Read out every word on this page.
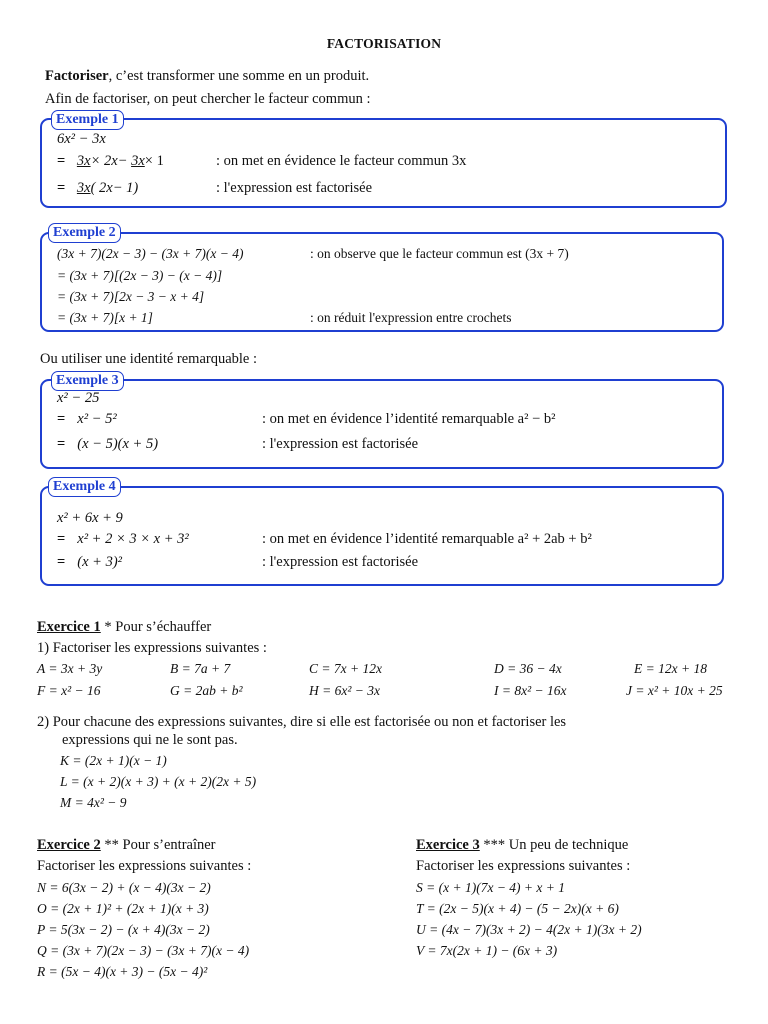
FACTORISATION
Factoriser, c’est transformer une somme en un produit.
Afin de factoriser, on peut chercher le facteur commun :
Exemple 1
6x² − 3x
= 3x× 2x− 3x× 1	: on met en évidence le facteur commun 3x
= 3x( 2x− 1)	: l'expression est factorisée
Exemple 2
(3x + 7)(2x − 3) − (3x + 7)(x − 4)	: on observe que le facteur commun est (3x + 7)
= (3x + 7)[(2x − 3) − (x − 4)]
= (3x + 7)[2x − 3 − x + 4]
= (3x + 7)[x + 1]	: on réduit l'expression entre crochets
Ou utiliser une identité remarquable :
Exemple 3
x² − 25
= x² − 5²	: on met en évidence l’identité remarquable a² − b²
= (x − 5)(x + 5)	: l'expression est factorisée
Exemple 4
x² + 6x + 9
= x² + 2 × 3 × x + 3²	: on met en évidence l’identité remarquable a² + 2ab + b²
= (x + 3)²	: l'expression est factorisée
Exercice 1 * Pour s’échauffer
1) Factoriser les expressions suivantes :
A = 3x + 3y	B = 7a + 7	C = 7x + 12x	D = 36 − 4x	E = 12x + 18
F = x² − 16	G = 2ab + b²	H = 6x² − 3x	I = 8x² − 16x	J = x² + 10x + 25
2) Pour chacune des expressions suivantes, dire si elle est factorisée ou non et factoriser les
expressions qui ne le sont pas.
K = (2x + 1)(x − 1)
L = (x + 2)(x + 3) + (x + 2)(2x + 5)
M = 4x² − 9
Exercice 2 ** Pour s’entraîner
Factoriser les expressions suivantes :
N = 6(3x − 2) + (x − 4)(3x − 2)
O = (2x + 1)² + (2x + 1)(x + 3)
P = 5(3x − 2) − (x + 4)(3x − 2)
Q = (3x + 7)(2x − 3) − (3x + 7)(x − 4)
R = (5x − 4)(x + 3) − (5x − 4)²
Exercice 3 *** Un peu de technique
Factoriser les expressions suivantes :
S = (x + 1)(7x − 4) + x + 1
T = (2x − 5)(x + 4) − (5 − 2x)(x + 6)
U = (4x − 7)(3x + 2) − 4(2x + 1)(3x + 2)
V = 7x(2x + 1) − (6x + 3)
